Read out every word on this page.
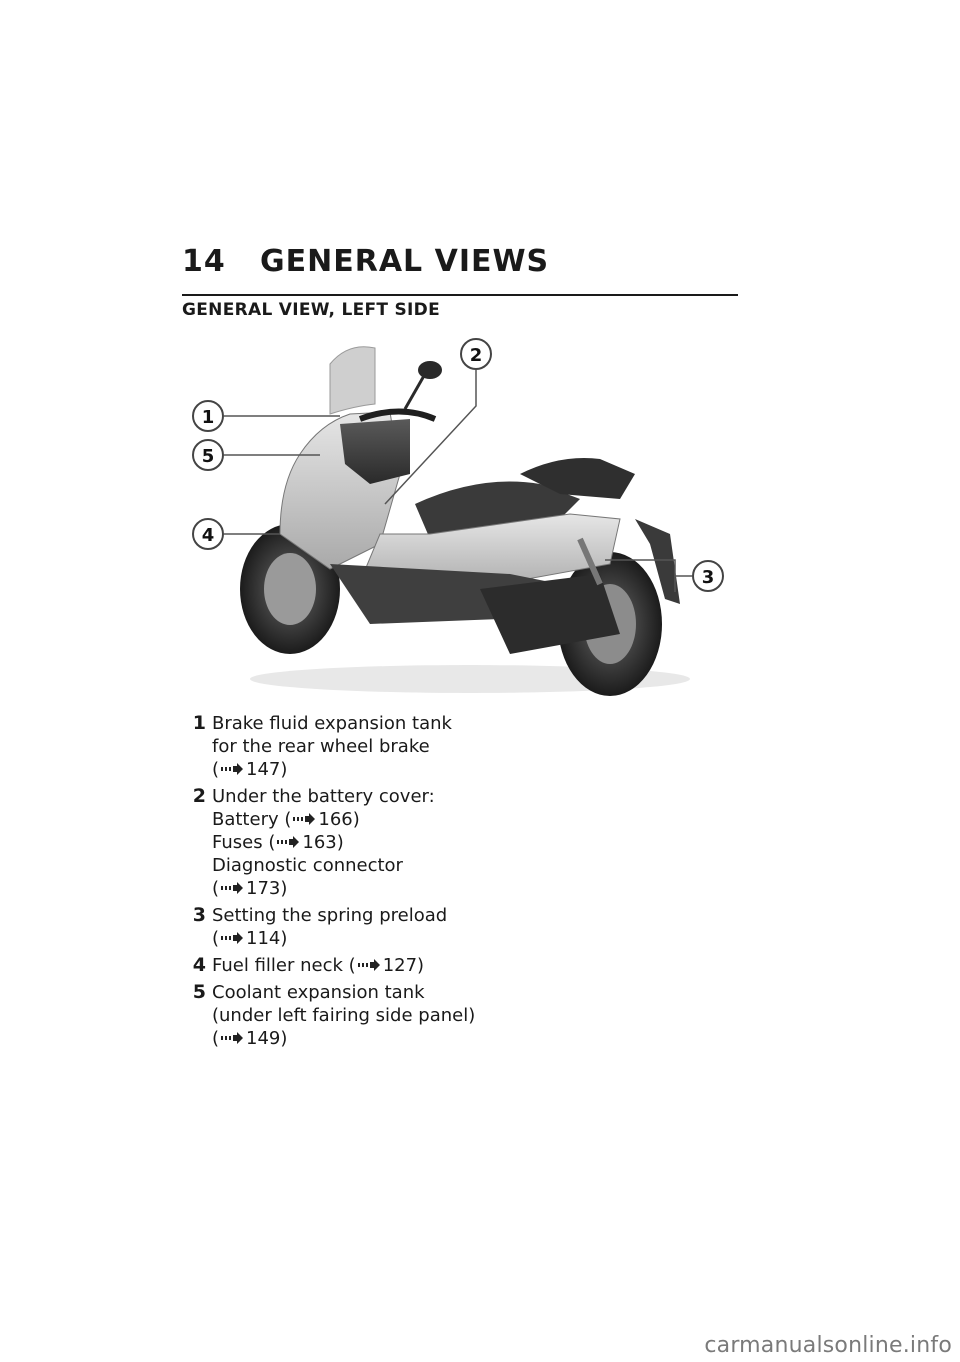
14	GENERAL VIEWS
GENERAL VIEW, LEFT SIDE
1
2
3
4
5
1 Brake fluid expansion tank for the rear wheel brake ( 147)
2 Under the battery cover:
Battery ( 166)
Fuses ( 163)
Diagnostic connector ( 173)
3 Setting the spring preload ( 114)
4 Fuel filler neck ( 127)
5 Coolant expansion tank (under left fairing side panel) ( 149)
carmanualsonline.info
